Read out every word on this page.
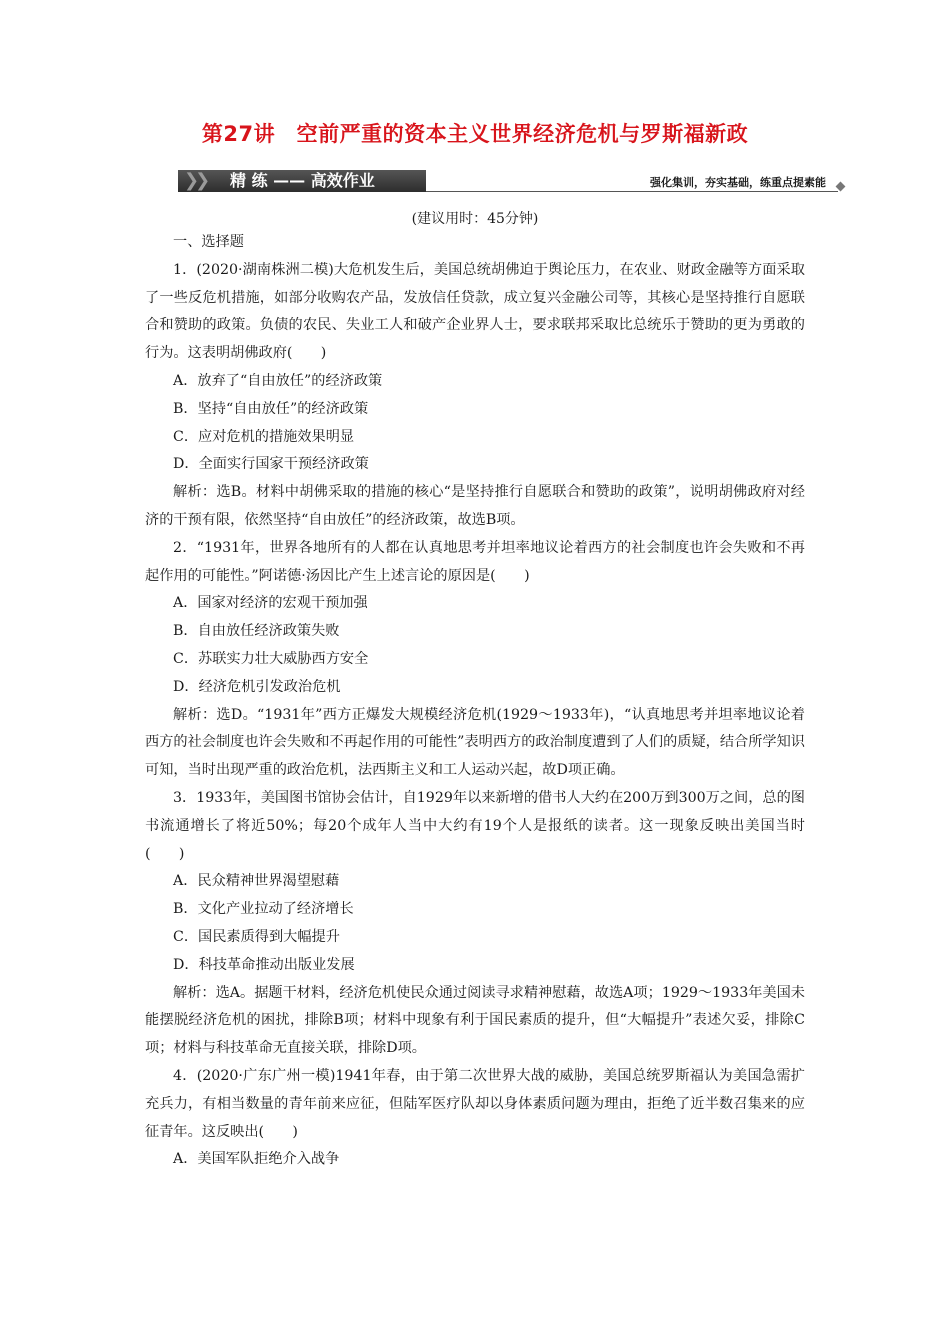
第27讲　空前严重的资本主义世界经济危机与罗斯福新政
❯❯	精 练 —— 高效作业	强化集训，夯实基础，练重点提素能
(建议用时：45分钟)

一、选择题

1．(2020·湖南株洲二模)大危机发生后，美国总统胡佛迫于舆论压力，在农业、财政金融等方面采取了一些反危机措施，如部分收购农产品，发放信任贷款，成立复兴金融公司等，其核心是坚持推行自愿联合和赞助的政策。负债的农民、失业工人和破产企业界人士，要求联邦采取比总统乐于赞助的更为勇敢的行为。这表明胡佛政府(　　)

A．放弃了“自由放任”的经济政策

B．坚持“自由放任”的经济政策

C．应对危机的措施效果明显

D．全面实行国家干预经济政策

解析：选B。材料中胡佛采取的措施的核心“是坚持推行自愿联合和赞助的政策”，说明胡佛政府对经济的干预有限，依然坚持“自由放任”的经济政策，故选B项。

2．“1931年，世界各地所有的人都在认真地思考并坦率地议论着西方的社会制度也许会失败和不再起作用的可能性。”阿诺德·汤因比产生上述言论的原因是(　　)

A．国家对经济的宏观干预加强

B．自由放任经济政策失败

C．苏联实力壮大威胁西方安全

D．经济危机引发政治危机

解析：选D。“1931年”西方正爆发大规模经济危机(1929～1933年)，“认真地思考并坦率地议论着西方的社会制度也许会失败和不再起作用的可能性”表明西方的政治制度遭到了人们的质疑，结合所学知识可知，当时出现严重的政治危机，法西斯主义和工人运动兴起，故D项正确。

3．1933年，美国图书馆协会估计，自1929年以来新增的借书人大约在200万到300万之间，总的图书流通增长了将近50%；每20个成年人当中大约有19个人是报纸的读者。这一现象反映出美国当时(　　)

A．民众精神世界渴望慰藉

B．文化产业拉动了经济增长

C．国民素质得到大幅提升

D．科技革命推动出版业发展

解析：选A。据题干材料，经济危机使民众通过阅读寻求精神慰藉，故选A项；1929～1933年美国未能摆脱经济危机的困扰，排除B项；材料中现象有利于国民素质的提升，但“大幅提升”表述欠妥，排除C项；材料与科技革命无直接关联，排除D项。

4．(2020·广东广州一模)1941年春，由于第二次世界大战的威胁，美国总统罗斯福认为美国急需扩充兵力，有相当数量的青年前来应征，但陆军医疗队却以身体素质问题为理由，拒绝了近半数召集来的应征青年。这反映出(　　)

A．美国军队拒绝介入战争
